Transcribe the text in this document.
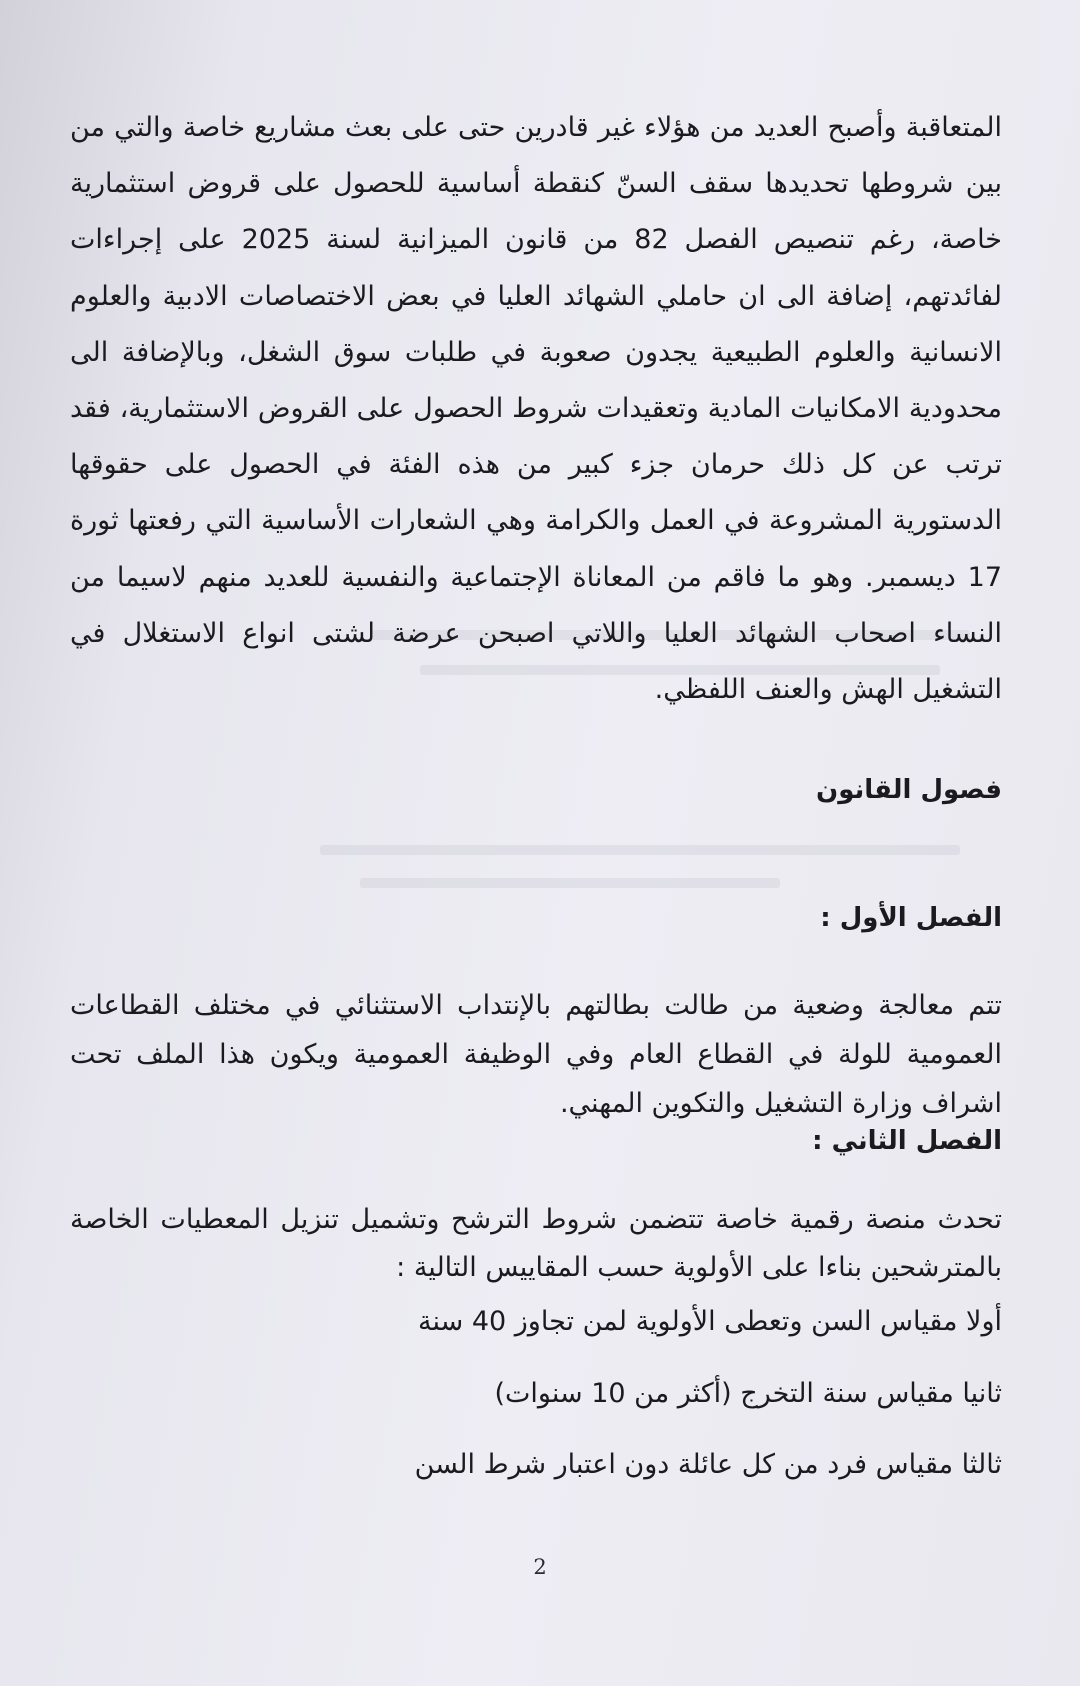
المتعاقبة وأصبح العديد من هؤلاء غير قادرين حتى على بعث مشاريع خاصة والتي من بين شروطها تحديدها سقف السنّ كنقطة أساسية للحصول على قروض استثمارية خاصة، رغم تنصيص الفصل 82 من قانون الميزانية لسنة 2025 على إجراءات لفائدتهم، إضافة الى ان حاملي الشهائد العليا في بعض الاختصاصات الادبية والعلوم الانسانية والعلوم الطبيعية يجدون صعوبة في طلبات سوق الشغل، وبالإضافة الى محدودية الامكانيات المادية وتعقيدات شروط الحصول على القروض الاستثمارية، فقد ترتب عن كل ذلك حرمان جزء كبير من هذه الفئة في الحصول على حقوقها الدستورية المشروعة في العمل والكرامة وهي الشعارات الأساسية التي رفعتها ثورة 17 ديسمبر. وهو ما فاقم من المعاناة الإجتماعية والنفسية للعديد منهم لاسيما من النساء اصحاب الشهائد العليا واللاتي اصبحن عرضة لشتى انواع الاستغلال في التشغيل الهش والعنف اللفظي.

فصول القانون
الفصل الأول :

تتم معالجة وضعية من طالت بطالتهم بالإنتداب الاستثنائي في مختلف القطاعات العمومية للولة في القطاع العام وفي الوظيفة العمومية ويكون هذا الملف تحت اشراف وزارة التشغيل والتكوين المهني.

الفصل الثاني :

تحدث منصة رقمية خاصة تتضمن شروط الترشح وتشميل تنزيل المعطيات الخاصة بالمترشحين بناءا على الأولوية حسب المقاييس التالية :

أولا مقياس السن وتعطى الأولوية لمن تجاوز 40 سنة

ثانيا مقياس سنة التخرج (أكثر من 10 سنوات)

ثالثا مقياس فرد من كل عائلة دون اعتبار شرط السن

2
